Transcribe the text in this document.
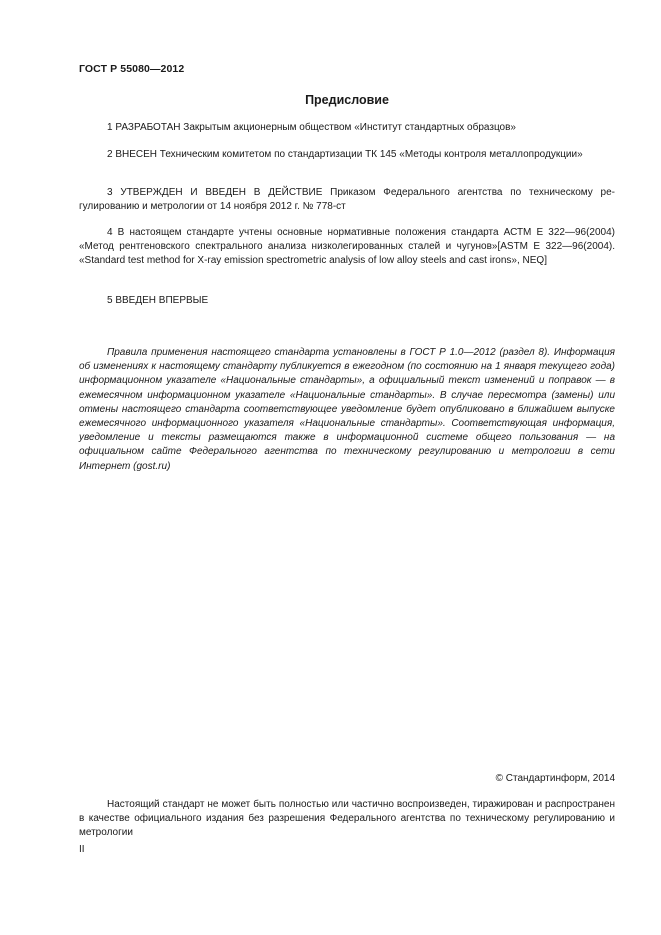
ГОСТ Р 55080—2012
Предисловие

1 РАЗРАБОТАН Закрытым акционерным обществом «Институт стандартных образцов»

2 ВНЕСЕН Техническим комитетом по стандартизации ТК 145 «Методы контроля металлопродукции»

3 УТВЕРЖДЕН И ВВЕДЕН В ДЕЙСТВИЕ Приказом Федерального агентства по техническому регулированию и метрологии от 14 ноября 2012 г. № 778-ст

4 В настоящем стандарте учтены основные нормативные положения стандарта АСТМ Е 322—96(2004) «Метод рентгеновского спектрального анализа низколегированных сталей и чугунов»[ASTM E 322—96(2004). «Standard test method for X-ray emission spectrometric analysis of low alloy steels and cast irons», NEQ]

5 ВВЕДЕН ВПЕРВЫЕ

Правила применения настоящего стандарта установлены в ГОСТ Р 1.0—2012 (раздел 8). Информация об изменениях к настоящему стандарту публикуется в ежегодном (по состоянию на 1 января текущего года) информационном указателе «Национальные стандарты», а официальный текст изменений и поправок — в ежемесячном информационном указателе «Национальные стандарты». В случае пересмотра (замены) или отмены настоящего стандарта соответствующее уведомление будет опубликовано в ближайшем выпуске ежемесячного информационного указателя «Национальные стандарты». Соответствующая информация, уведомление и тексты размещаются также в информационной системе общего пользования — на официальном сайте Федерального агентства по техническому регулированию и метрологии в сети Интернет (gost.ru)

© Стандартинформ, 2014

Настоящий стандарт не может быть полностью или частично воспроизведен, тиражирован и распространен в качестве официального издания без разрешения Федерального агентства по техническому регулированию и метрологии

II
